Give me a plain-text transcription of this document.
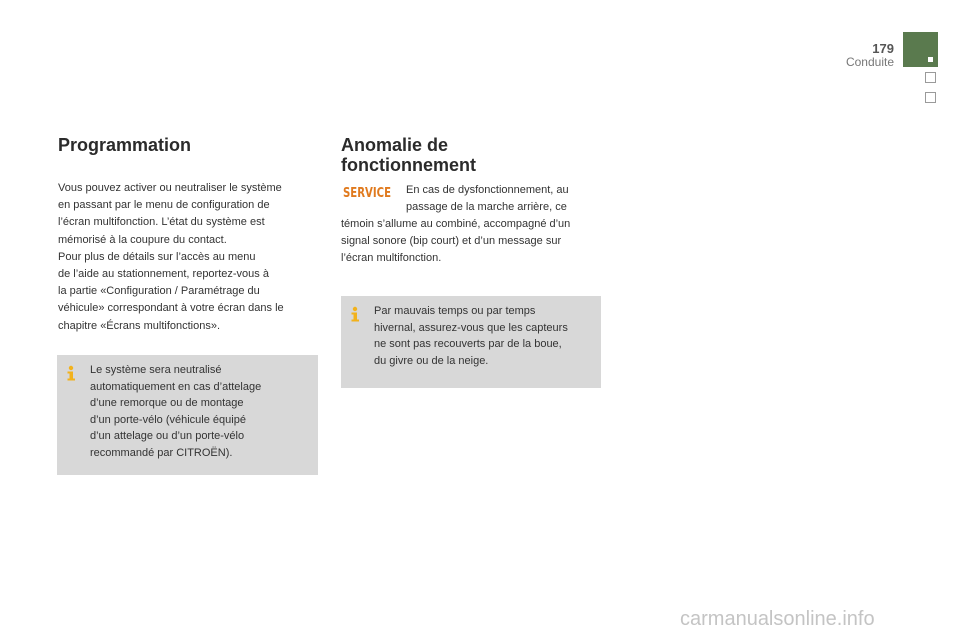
179
Conduite
Programmation

Vous pouvez activer ou neutraliser le système
en passant par le menu de configuration de
l’écran multifonction. L’état du système est
mémorisé à la coupure du contact.
Pour plus de détails sur l’accès au menu
de l’aide au stationnement, reportez-vous à
la partie «Configuration / Paramétrage du
véhicule» correspondant à votre écran dans le
chapitre «Écrans multifonctions».

Le système sera neutralisé
automatiquement en cas d’attelage
d’une remorque ou de montage
d’un porte-vélo (véhicule équipé
d’un attelage ou d’un porte-vélo
recommandé par CITROËN).

Anomalie de
fonctionnement
SERVICE En cas de dysfonctionnement, au
passage de la marche arrière, ce

témoin s’allume au combiné, accompagné d’un
signal sonore (bip court) et d’un message sur
l’écran multifonction.

Par mauvais temps ou par temps
hivernal, assurez-vous que les capteurs
ne sont pas recouverts par de la boue,
du givre ou de la neige.

carmanualsonline.info
